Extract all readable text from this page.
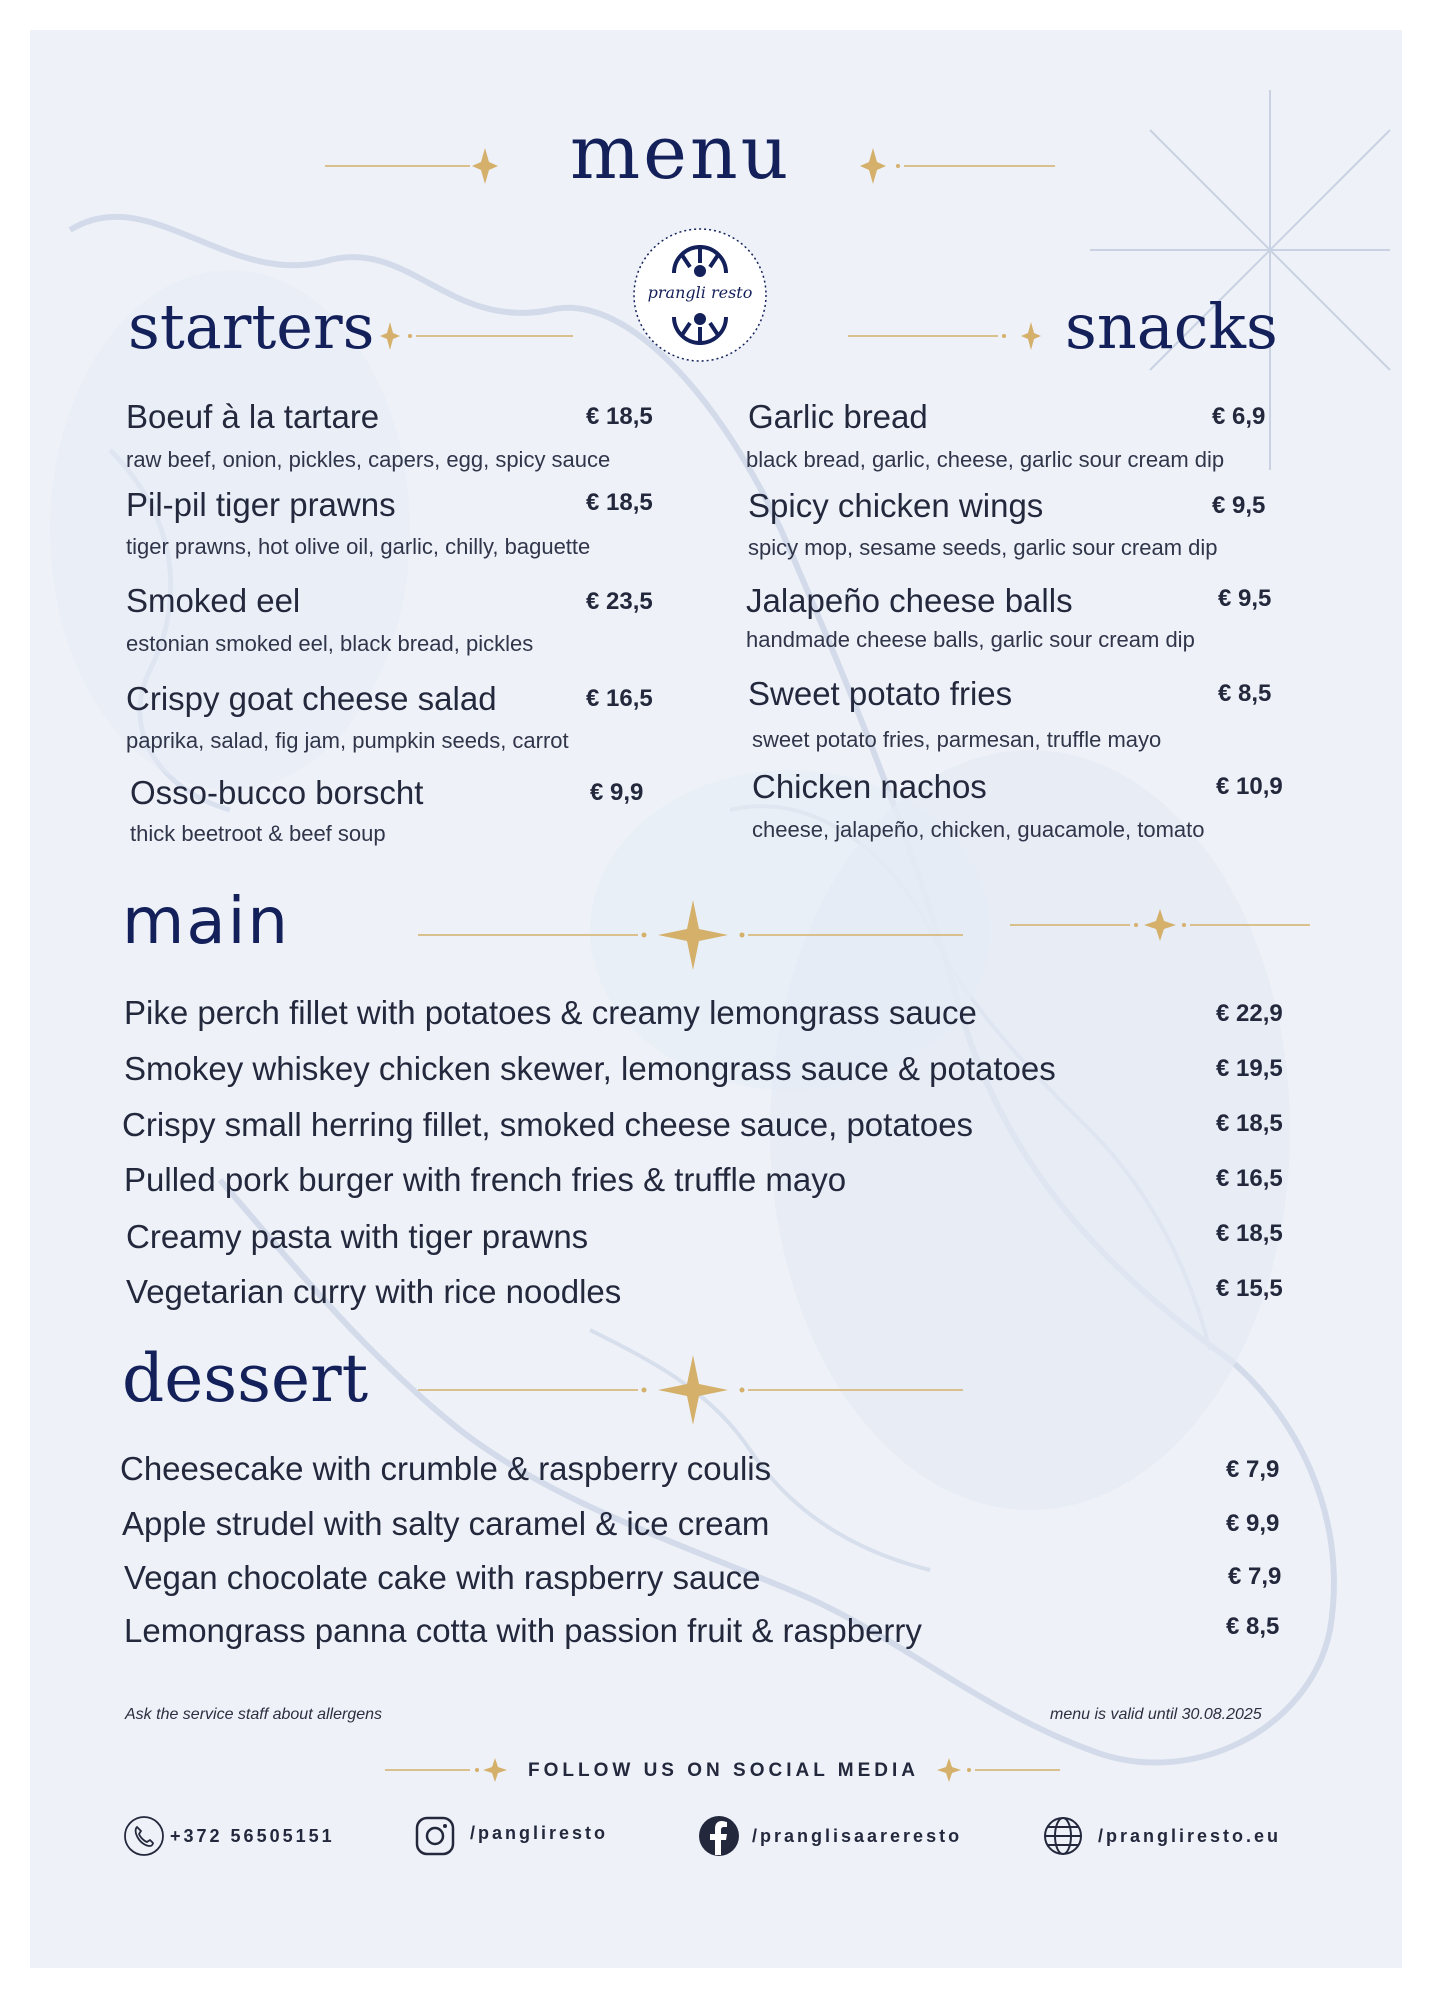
menu
prangli resto
starters	snacks
Boeuf à la tartare	€ 18,5
raw beef, onion, pickles, capers, egg, spicy sauce
Pil-pil tiger prawns	€ 18,5
tiger prawns, hot olive oil, garlic, chilly, baguette
Smoked eel	€ 23,5
estonian smoked eel, black bread, pickles
Crispy goat cheese salad	€ 16,5
paprika, salad, fig jam, pumpkin seeds, carrot
Osso-bucco borscht	€ 9,9
thick beetroot & beef soup
Garlic bread	€ 6,9
black bread, garlic, cheese, garlic sour cream dip
Spicy chicken wings	€ 9,5
spicy mop, sesame seeds, garlic sour cream dip
Jalapeño cheese balls	€ 9,5
handmade cheese balls, garlic sour cream dip
Sweet potato fries	€ 8,5
sweet potato fries, parmesan, truffle mayo
Chicken nachos	€ 10,9
cheese, jalapeño, chicken, guacamole, tomato
main
Pike perch fillet with potatoes & creamy lemongrass sauce	€ 22,9
Smokey whiskey chicken skewer, lemongrass sauce & potatoes	€ 19,5
Crispy small herring fillet, smoked cheese sauce, potatoes	€ 18,5
Pulled pork burger with french fries & truffle mayo	€ 16,5
Creamy pasta with tiger prawns	€ 18,5
Vegetarian curry with rice noodles	€ 15,5
dessert
Cheesecake with crumble & raspberry coulis	€ 7,9
Apple strudel with salty caramel & ice cream	€ 9,9
Vegan chocolate cake with raspberry sauce	€ 7,9
Lemongrass panna cotta with passion fruit & raspberry	€ 8,5
Ask the service staff about allergens	menu is valid until 30.08.2025
FOLLOW US ON SOCIAL MEDIA
+372 56505151	/pangliresto	/pranglisaareresto	/prangliresto.eu
